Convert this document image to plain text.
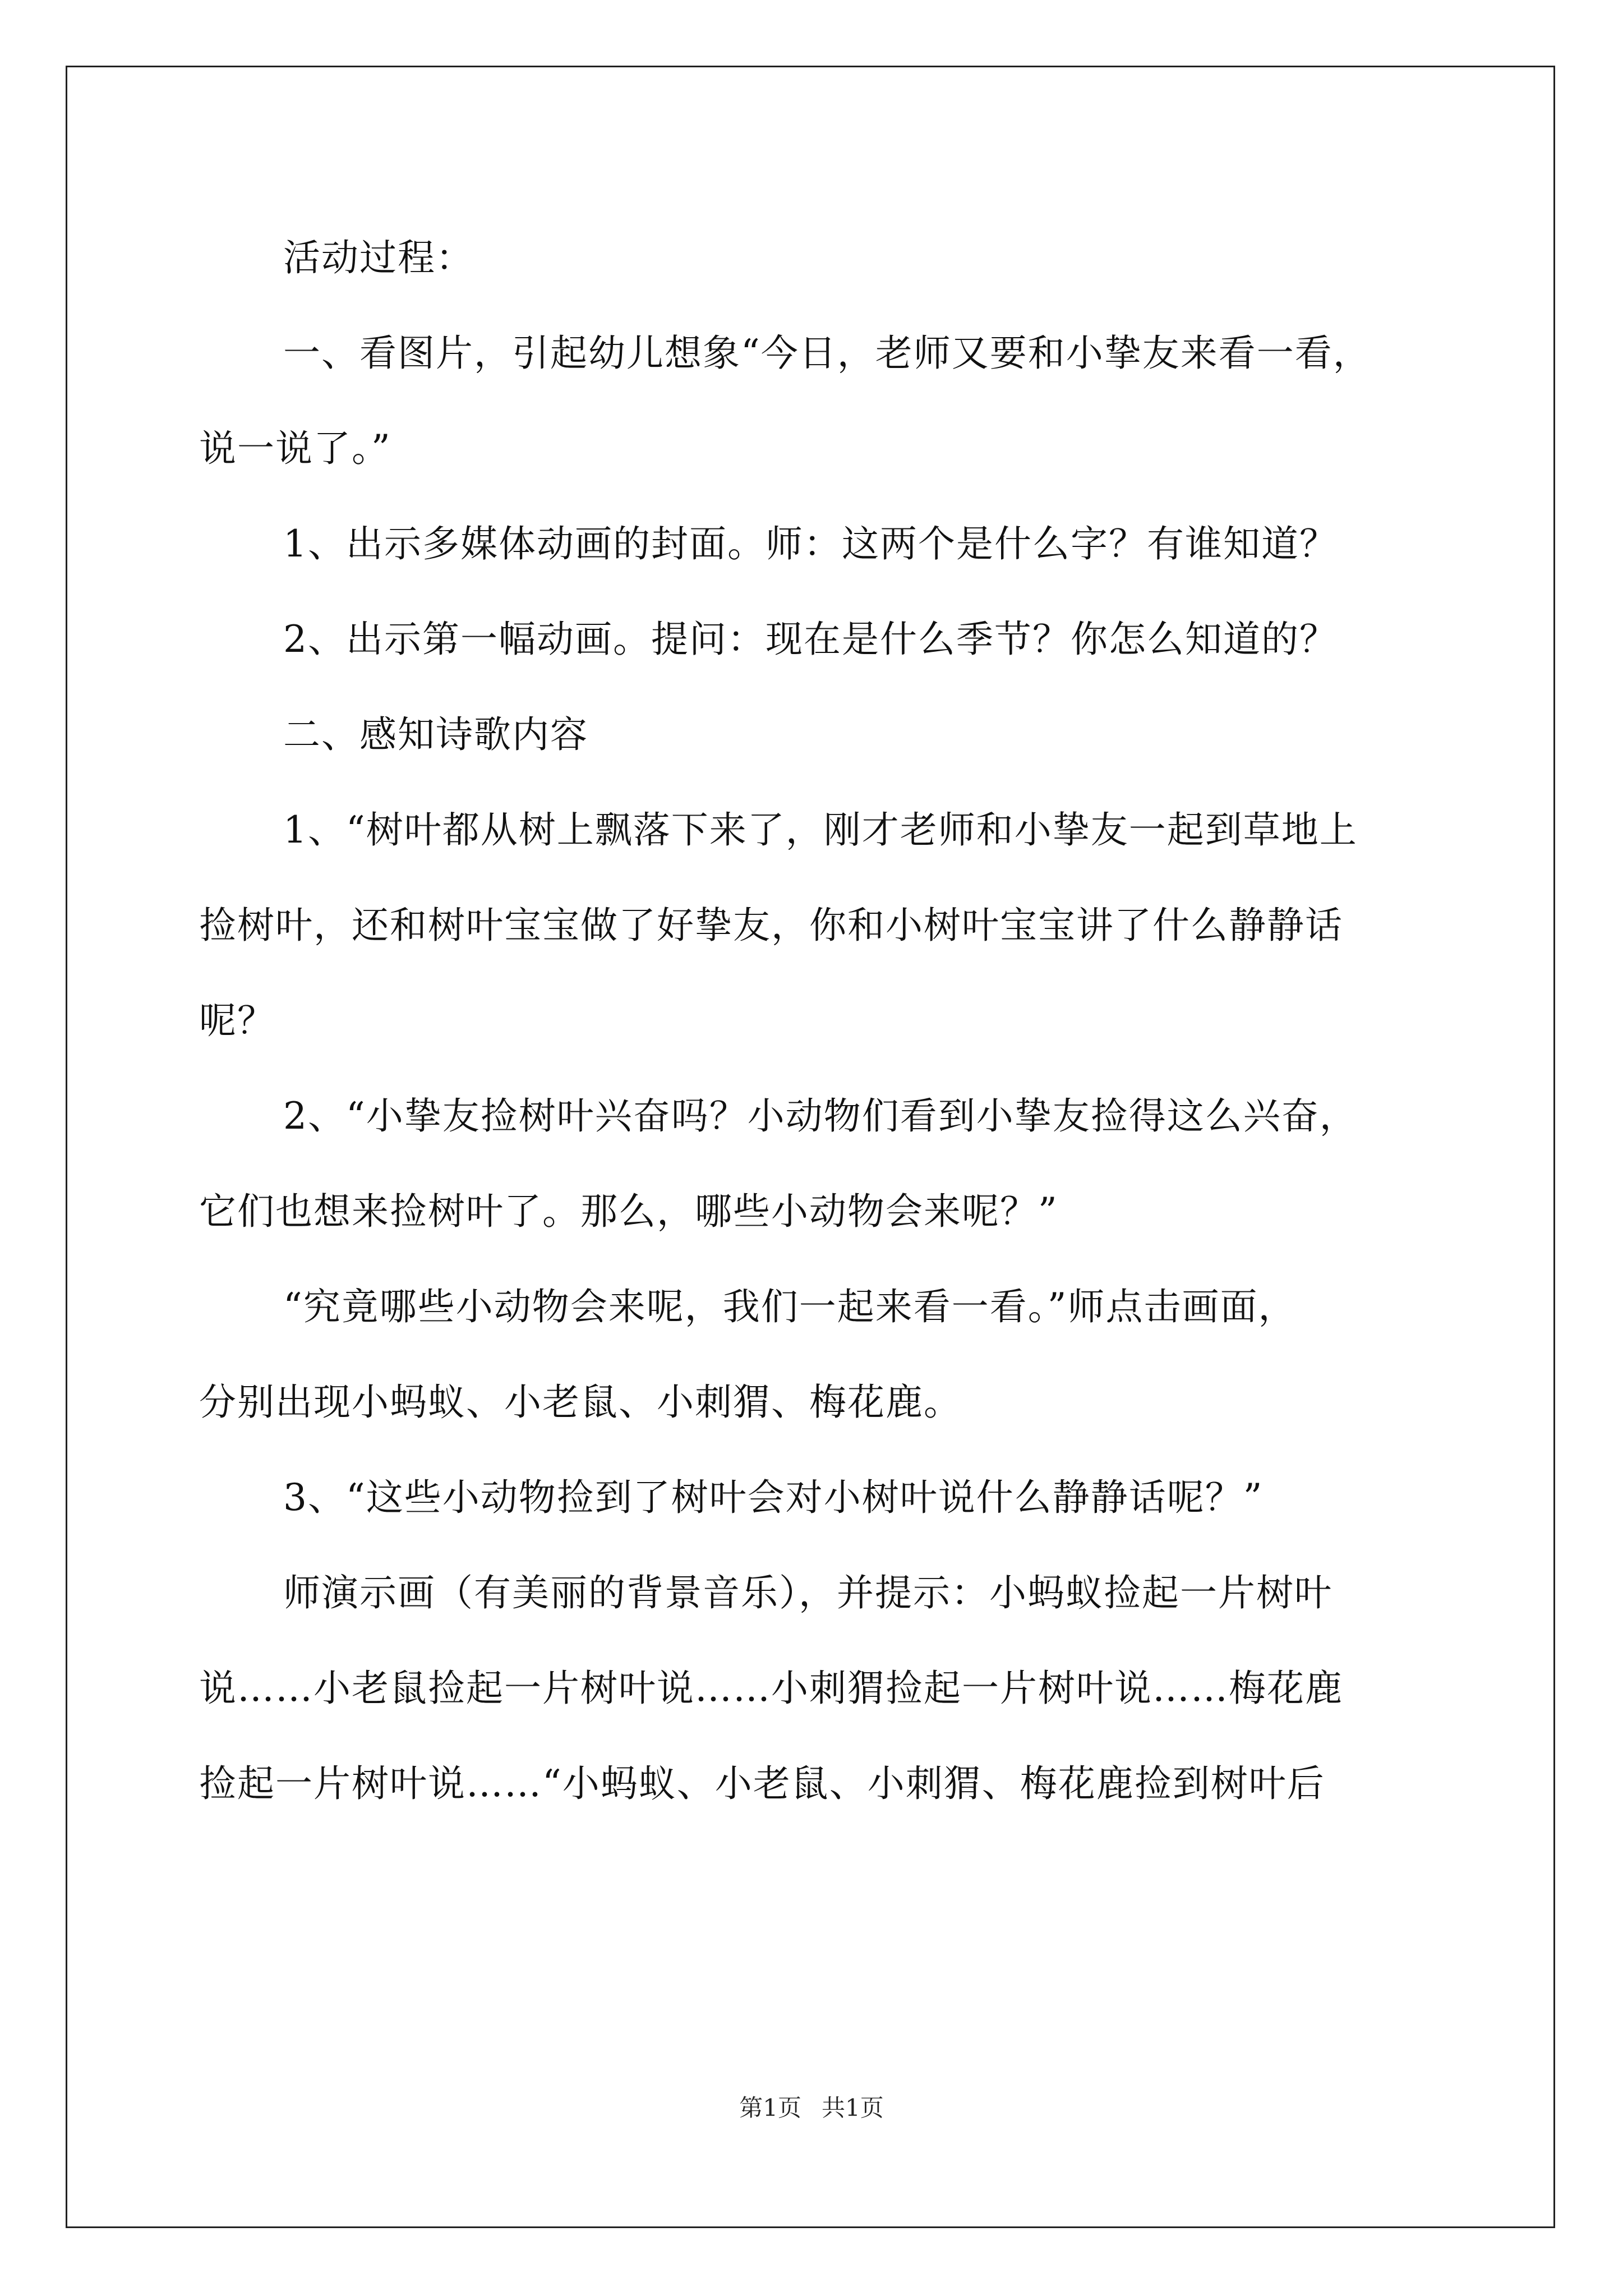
活动过程：

一、看图片，引起幼儿想象“今日，老师又要和小挚友来看一看，

说一说了。”

1、出示多媒体动画的封面。师：这两个是什么字？有谁知道？

2、出示第一幅动画。提问：现在是什么季节？你怎么知道的？

二、感知诗歌内容

1、“树叶都从树上飘落下来了，刚才老师和小挚友一起到草地上

捡树叶，还和树叶宝宝做了好挚友，你和小树叶宝宝讲了什么静静话

呢？

2、“小挚友捡树叶兴奋吗？小动物们看到小挚友捡得这么兴奋，

它们也想来捡树叶了。那么，哪些小动物会来呢？”

“究竟哪些小动物会来呢，我们一起来看一看。”师点击画面，

分别出现小蚂蚁、小老鼠、小刺猬、梅花鹿。

3、“这些小动物捡到了树叶会对小树叶说什么静静话呢？”

师演示画（有美丽的背景音乐），并提示：小蚂蚁捡起一片树叶

说……小老鼠捡起一片树叶说……小刺猬捡起一片树叶说……梅花鹿

捡起一片树叶说……“小蚂蚁、小老鼠、小刺猬、梅花鹿捡到树叶后

第1页 共1页
